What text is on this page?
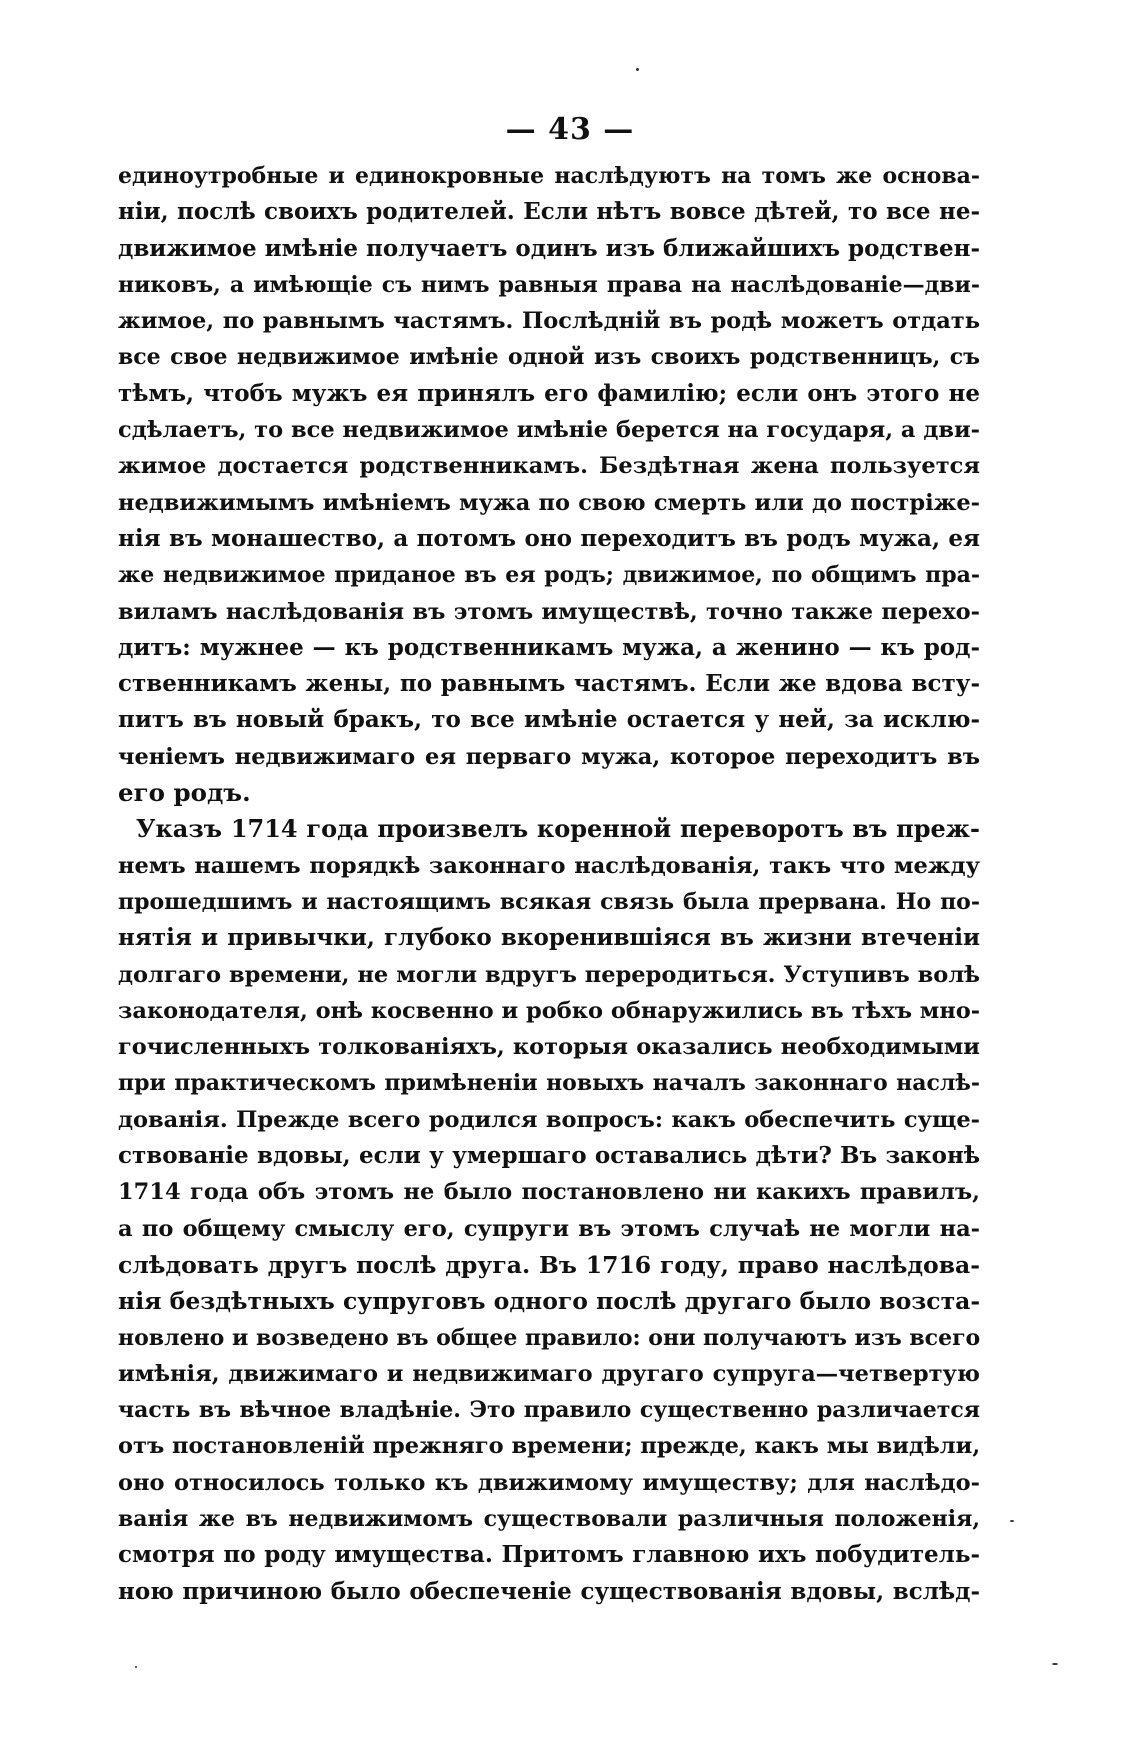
— 43 —
единоутробные и единокровные наслѣдуютъ на томъ же основа-
нiи, послѣ своихъ родителей. Если нѣтъ вовсе дѣтей, то все не-
движимое имѣнiе получаетъ одинъ изъ ближайшихъ родствен-
никовъ, а имѣющiе съ нимъ равныя права на наслѣдованiе—дви-
жимое, по равнымъ частямъ. Послѣднiй въ родѣ можетъ отдать
все свое недвижимое имѣнiе одной изъ своихъ родственницъ, съ
тѣмъ, чтобъ мужъ ея принялъ его фамилiю; если онъ этого не
сдѣлаетъ, то все недвижимое имѣнiе берется на государя, а дви-
жимое достается родственникамъ. Бездѣтная жена пользуется
недвижимымъ имѣнiемъ мужа по свою смерть или до пострiже-
нiя въ монашество, а потомъ оно переходитъ въ родъ мужа, ея
же недвижимое приданое въ ея родъ; движимое, по общимъ пра-
виламъ наслѣдованiя въ этомъ имуществѣ, точно также перехо-
дитъ: мужнее — къ родственникамъ мужа, а женино — къ род-
ственникамъ жены, по равнымъ частямъ. Если же вдова всту-
питъ въ новый бракъ, то все имѣнiе остается у ней, за исклю-
ченiемъ недвижимаго ея перваго мужа, которое переходитъ въ
его родъ.
Указъ 1714 года произвелъ коренной переворотъ въ преж-
немъ нашемъ порядкѣ законнаго наслѣдованiя, такъ что между
прошедшимъ и настоящимъ всякая связь была прервана. Но по-
нятiя и привычки, глубоко вкоренившiяся въ жизни втеченiи
долгаго времени, не могли вдругъ переродиться. Уступивъ волѣ
законодателя, онѣ косвенно и робко обнаружились въ тѣхъ мно-
гочисленныхъ толкованiяхъ, которыя оказались необходимыми
при практическомъ примѣненiи новыхъ началъ законнаго наслѣ-
дованiя. Прежде всего родился вопросъ: какъ обеспечить суще-
ствованiе вдовы, если у умершаго оставались дѣти? Въ законѣ
1714 года объ этомъ не было постановлено ни какихъ правилъ,
а по общему смыслу его, супруги въ этомъ случаѣ не могли на-
слѣдовать другъ послѣ друга. Въ 1716 году, право наслѣдова-
нiя бездѣтныхъ супруговъ одного послѣ другаго было возста-
новлено и возведено въ общее правило: они получаютъ изъ всего
имѣнiя, движимаго и недвижимаго другаго супруга—четвертую
часть въ вѣчное владѣнiе. Это правило существенно различается
отъ постановленiй прежняго времени; прежде, какъ мы видѣли,
оно относилось только къ движимому имуществу; для наслѣдо-
ванiя же въ недвижимомъ существовали различныя положенiя,
смотря по роду имущества. Притомъ главною ихъ побудитель-
ною причиною было обеспеченiе существованiя вдовы, вслѣд-
